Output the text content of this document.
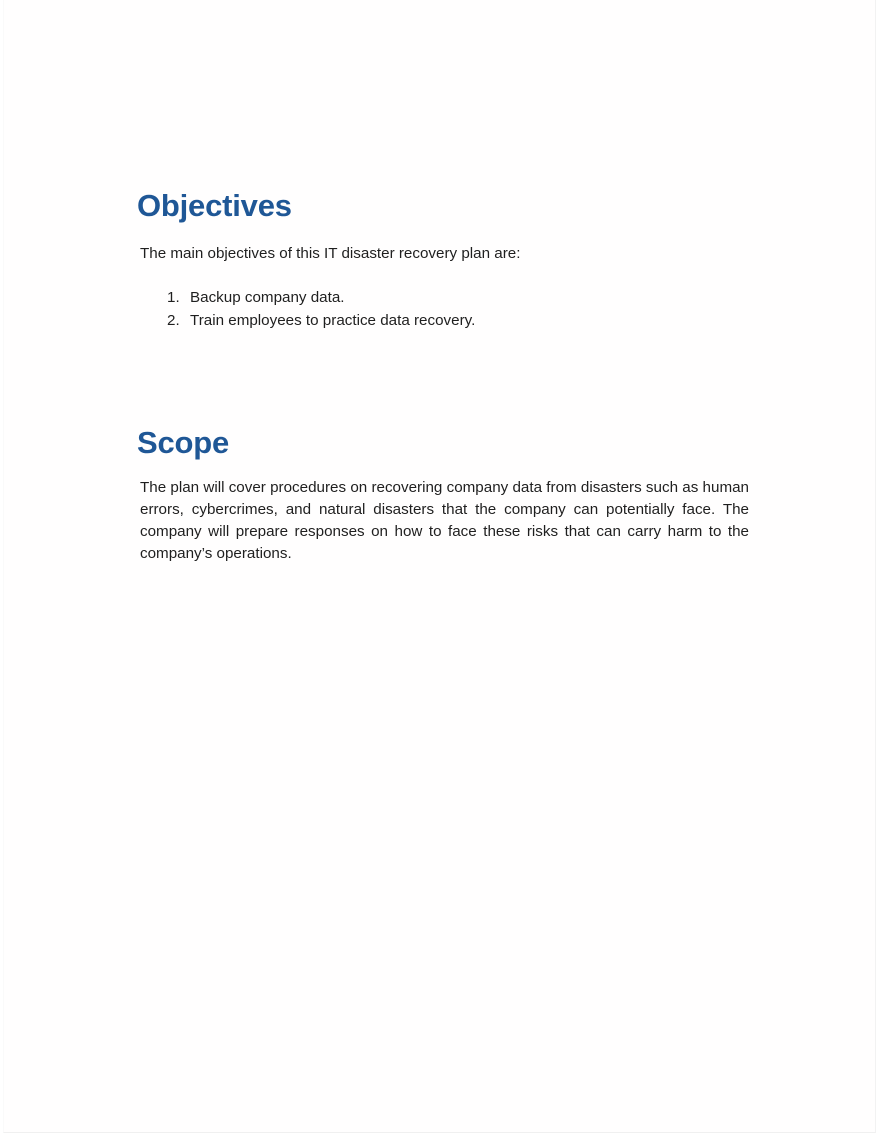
Objectives

The main objectives of this IT disaster recovery plan are:

Backup company data.
Train employees to practice data recovery.
Scope

The plan will cover procedures on recovering company data from disasters such as human errors, cybercrimes, and natural disasters that the company can potentially face. The company will prepare responses on how to face these risks that can carry harm to the company’s operations.
